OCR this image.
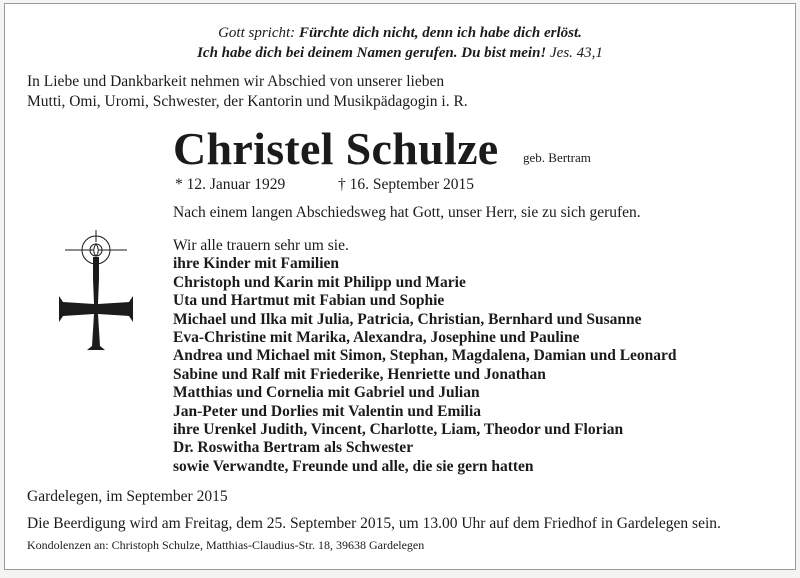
Gott spricht: Fürchte dich nicht, denn ich habe dich erlöst.
Ich habe dich bei deinem Namen gerufen. Du bist mein! Jes. 43,1
In Liebe und Dankbarkeit nehmen wir Abschied von unserer lieben
Mutti, Omi, Uromi, Schwester, der Kantorin und Musikpädagogin i. R.
Christel Schulze geb. Bertram
* 12. Januar 1929	† 16. September 2015
Nach einem langen Abschiedsweg hat Gott, unser Herr, sie zu sich gerufen.
Wir alle trauern sehr um sie.
ihre Kinder mit Familien
Christoph und Karin mit Philipp und Marie
Uta und Hartmut mit Fabian und Sophie
Michael und Ilka mit Julia, Patricia, Christian, Bernhard und Susanne
Eva-Christine mit Marika, Alexandra, Josephine und Pauline
Andrea und Michael mit Simon, Stephan, Magdalena, Damian und Leonard
Sabine und Ralf mit Friederike, Henriette und Jonathan
Matthias und Cornelia mit Gabriel und Julian
Jan-Peter und Dorlies mit Valentin und Emilia
ihre Urenkel Judith, Vincent, Charlotte, Liam, Theodor und Florian
Dr. Roswitha Bertram als Schwester
sowie Verwandte, Freunde und alle, die sie gern hatten
Gardelegen, im September 2015
Die Beerdigung wird am Freitag, dem 25. September 2015, um 13.00 Uhr auf dem Friedhof in Gardelegen sein.
Kondolenzen an: Christoph Schulze, Matthias-Claudius-Str. 18, 39638 Gardelegen
